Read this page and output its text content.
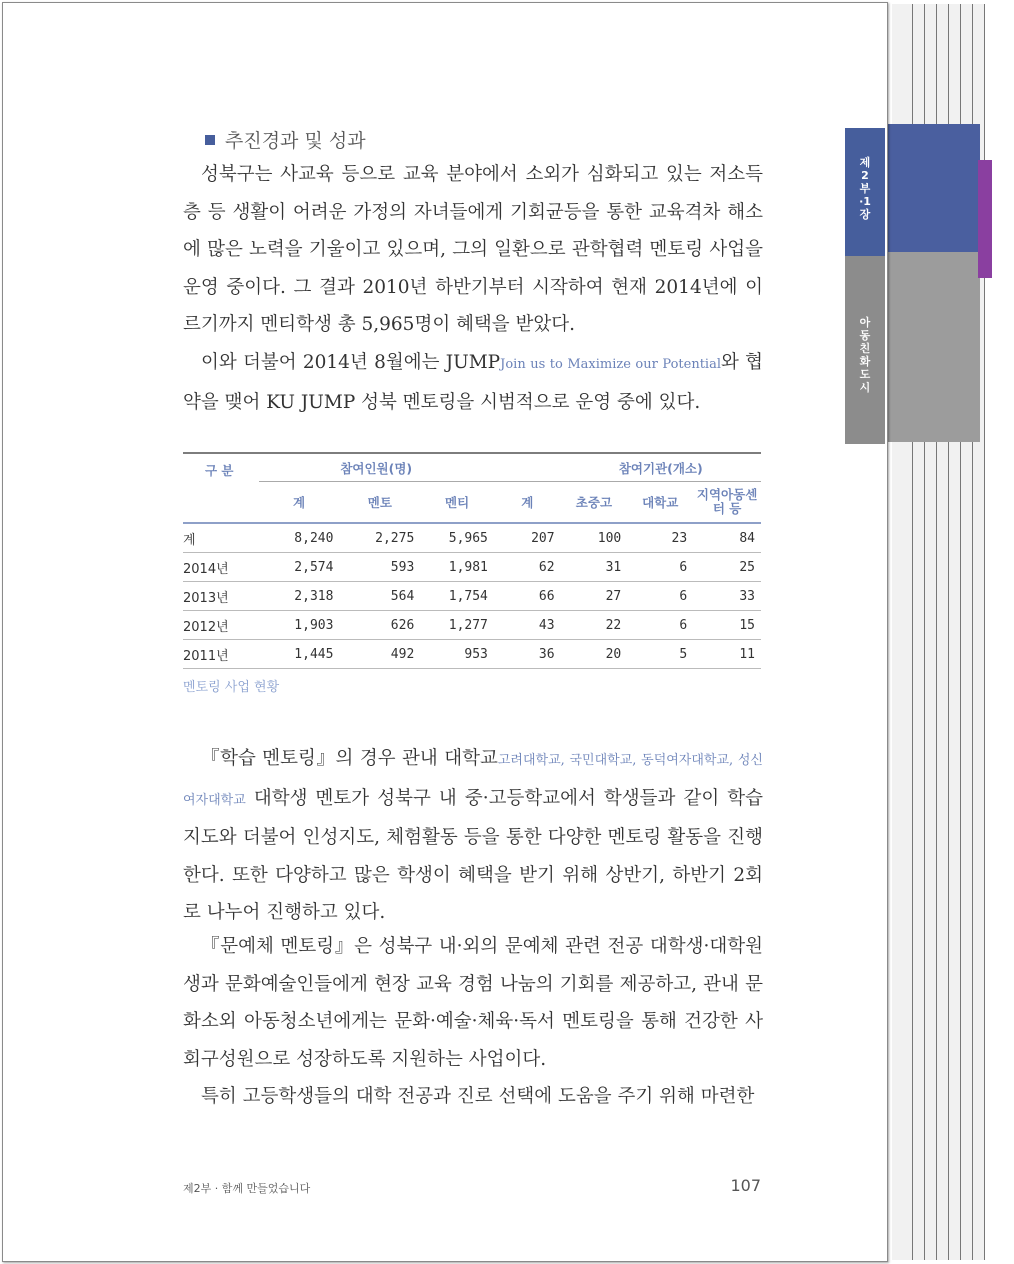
제2부·1장
아동친화도시
추진경과 및 성과

성북구는 사교육 등으로 교육 분야에서 소외가 심화되고 있는 저소득층 등 생활이 어려운 가정의 자녀들에게 기회균등을 통한 교육격차 해소에 많은 노력을 기울이고 있으며, 그의 일환으로 관학협력 멘토링 사업을 운영 중이다. 그 결과 2010년 하반기부터 시작하여 현재 2014년에 이르기까지 멘티학생 총 5,965명이 혜택을 받았다.

이와 더불어 2014년 8월에는 JUMPJoin us to Maximize our Potential와 협약을 맺어 KU JUMP 성북 멘토링을 시범적으로 운영 중에 있다.

구 분	참여인원(명)				참여기관(개소)		
	계	멘토	멘티	계	초중고	대학교	지역아동센터 등
계	8,240	2,275	5,965	207	100	23	84
2014년	2,574	593	1,981	62	31	6	25
2013년	2,318	564	1,754	66	27	6	33
2012년	1,903	626	1,277	43	22	6	15
2011년	1,445	492	953	36	20	5	11
멘토링 사업 현황

『학습 멘토링』의 경우 관내 대학교고려대학교, 국민대학교, 동덕여자대학교, 성신여자대학교 대학생 멘토가 성북구 내 중·고등학교에서 학생들과 같이 학습지도와 더불어 인성지도, 체험활동 등을 통한 다양한 멘토링 활동을 진행한다. 또한 다양하고 많은 학생이 혜택을 받기 위해 상반기, 하반기 2회로 나누어 진행하고 있다.

『문예체 멘토링』은 성북구 내·외의 문예체 관련 전공 대학생·대학원생과 문화예술인들에게 현장 교육 경험 나눔의 기회를 제공하고, 관내 문화소외 아동청소년에게는 문화·예술·체육·독서 멘토링을 통해 건강한 사회구성원으로 성장하도록 지원하는 사업이다.

특히 고등학생들의 대학 전공과 진로 선택에 도움을 주기 위해 마련한

제2부 · 함께 만들었습니다	107
